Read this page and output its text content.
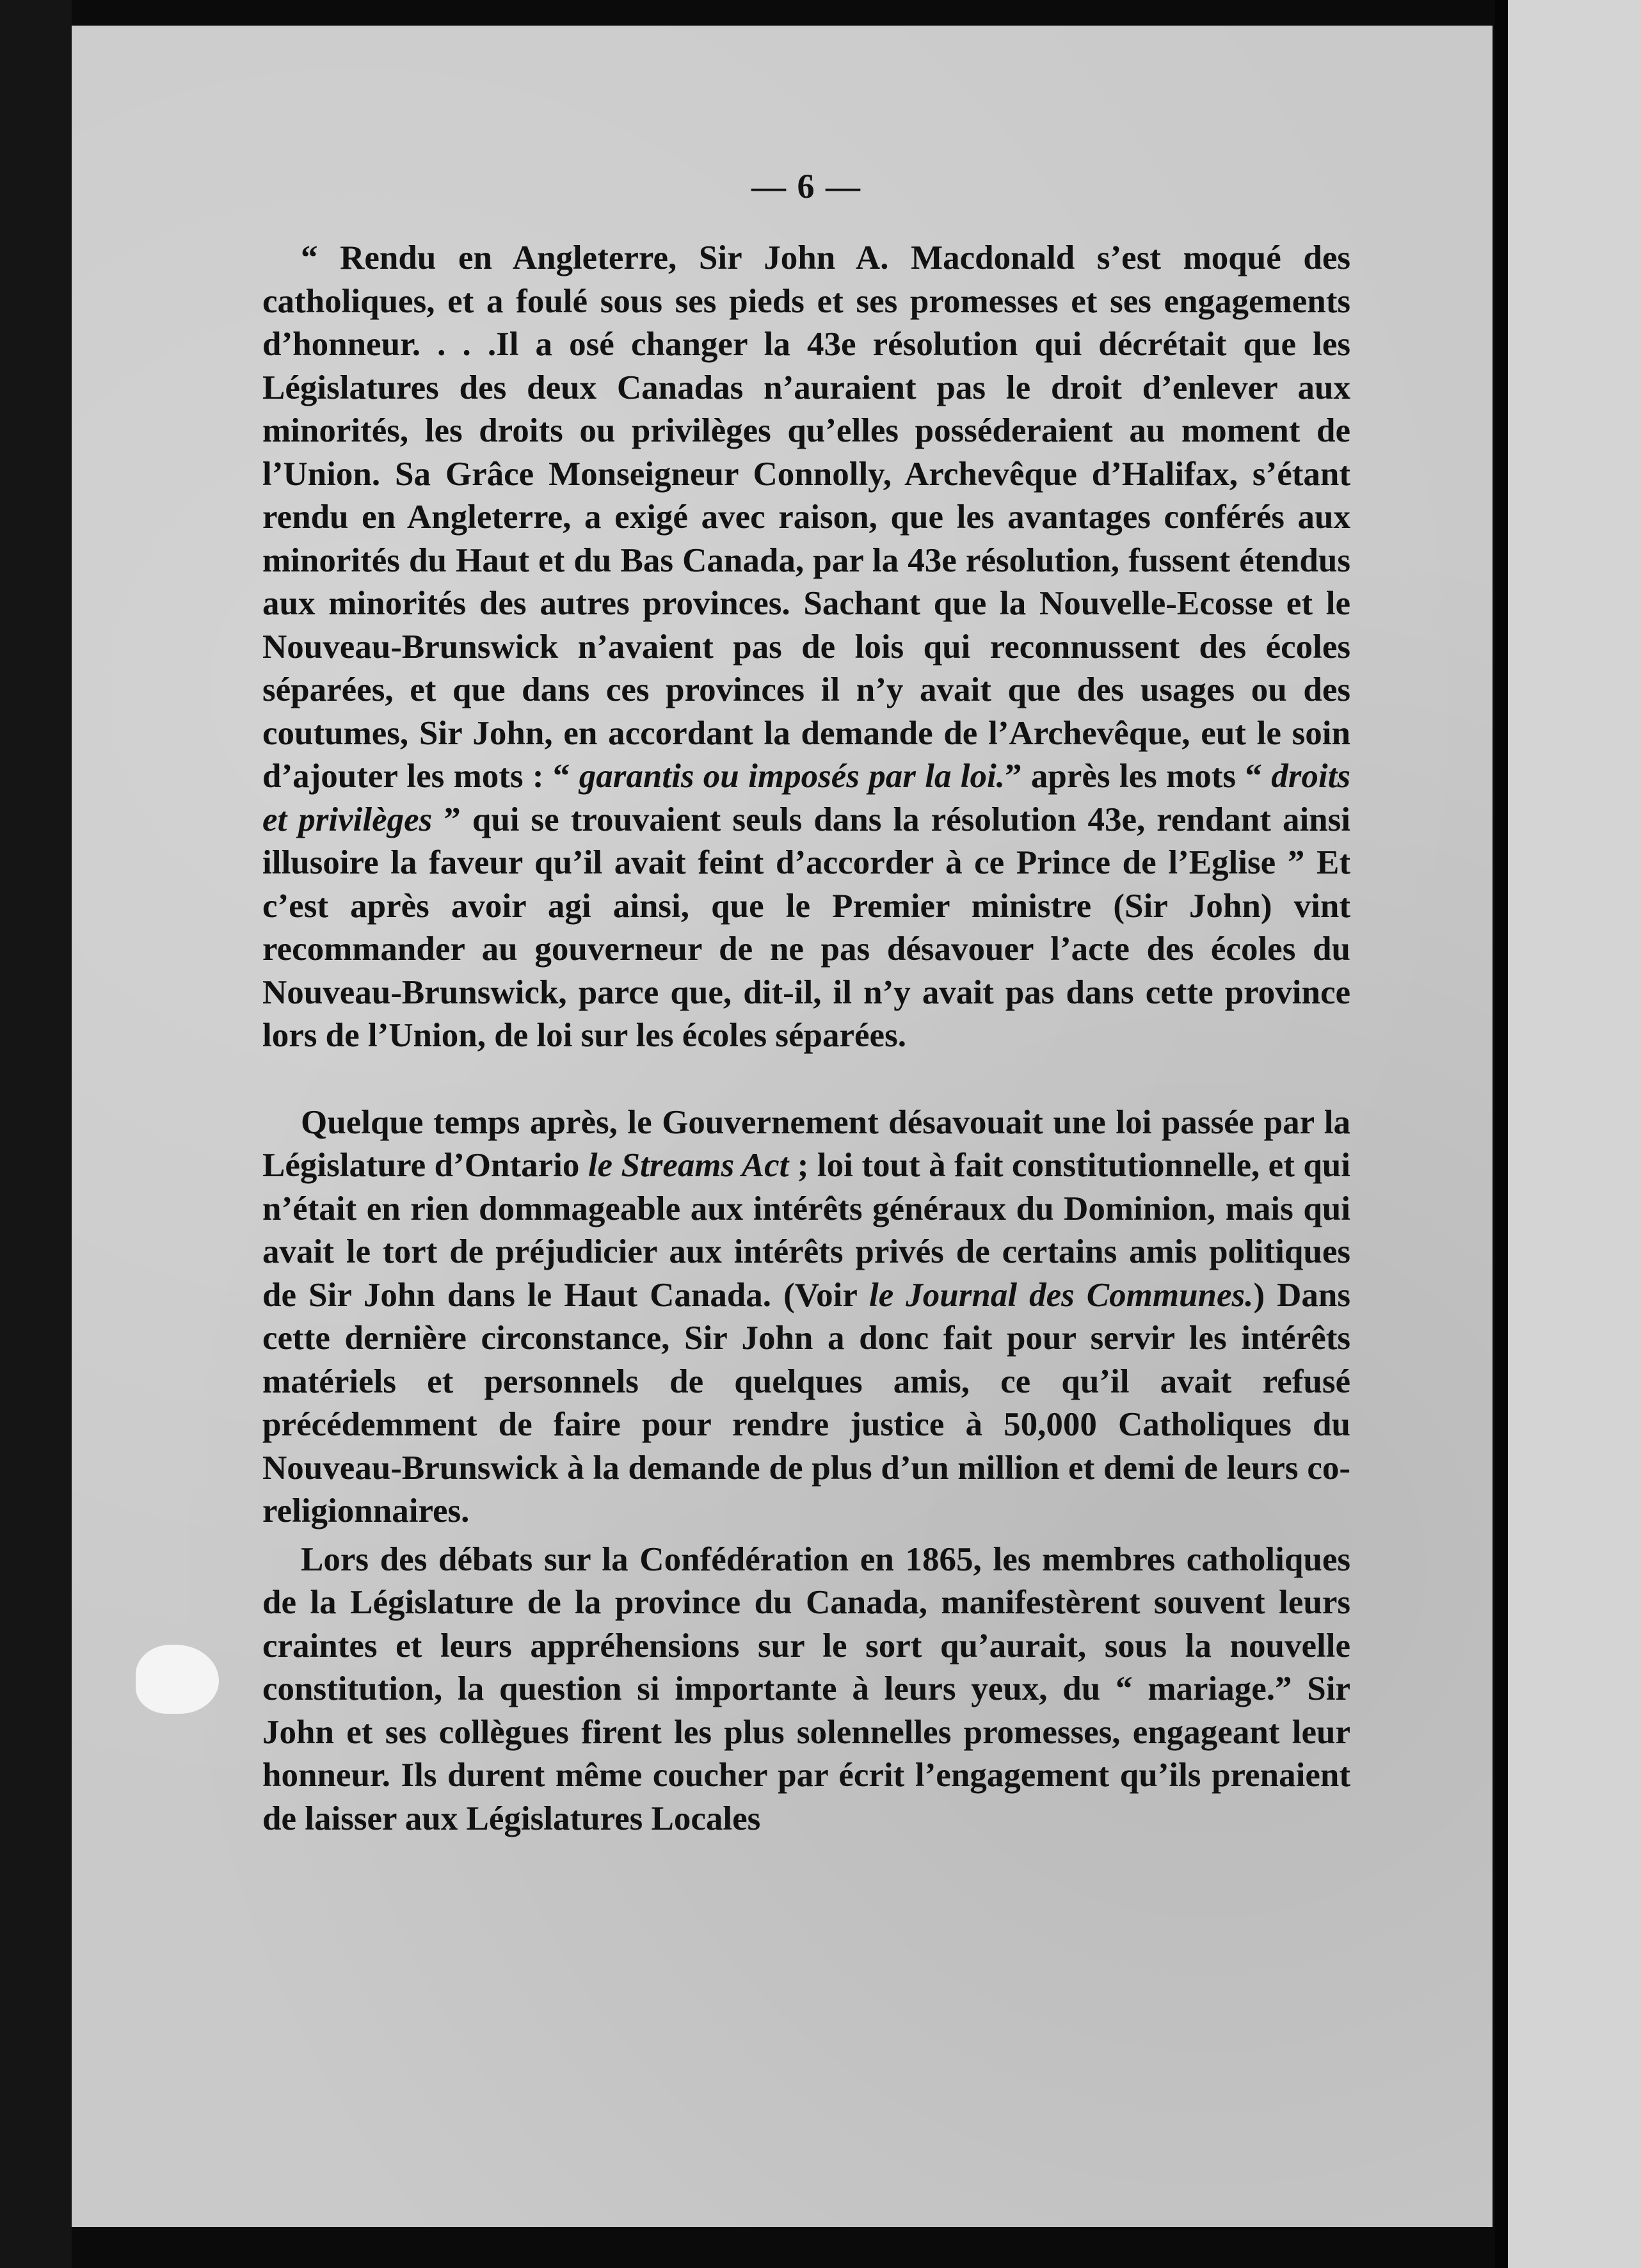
— 6 —

“ Rendu en Angleterre, Sir John A. Macdonald s’est moqué des catholiques, et a foulé sous ses pieds et ses promesses et ses engagements d’honneur. . . .Il a osé changer la 43e résolution qui décrétait que les Législatures des deux Canadas n’auraient pas le droit d’enlever aux minorités, les droits ou privilèges qu’elles posséderaient au moment de l’Union. Sa Grâce Monseigneur Connolly, Archevêque d’Halifax, s’étant rendu en Angleterre, a exigé avec raison, que les avantages conférés aux minorités du Haut et du Bas Canada, par la 43e résolution, fussent étendus aux minorités des autres provinces. Sachant que la Nouvelle-Ecosse et le Nouveau-Brunswick n’avaient pas de lois qui reconnussent des écoles séparées, et que dans ces provinces il n’y avait que des usages ou des coutumes, Sir John, en accordant la demande de l’Archevêque, eut le soin d’ajouter les mots : “ garantis ou imposés par la loi.” après les mots “ droits et privilèges ” qui se trouvaient seuls dans la résolution 43e, rendant ainsi illusoire la faveur qu’il avait feint d’accorder à ce Prince de l’Eglise ” Et c’est après avoir agi ainsi, que le Premier ministre (Sir John) vint recommander au gouverneur de ne pas désavouer l’acte des écoles du Nouveau-Brunswick, parce que, dit-il, il n’y avait pas dans cette province lors de l’Union, de loi sur les écoles séparées.

Quelque temps après, le Gouvernement désavouait une loi passée par la Législature d’Ontario le Streams Act ; loi tout à fait constitutionnelle, et qui n’était en rien dommageable aux intérêts généraux du Dominion, mais qui avait le tort de préjudicier aux intérêts privés de certains amis politiques de Sir John dans le Haut Canada. (Voir le Journal des Communes.) Dans cette dernière circonstance, Sir John a donc fait pour servir les intérêts matériels et personnels de quelques amis, ce qu’il avait refusé précédemment de faire pour rendre justice à 50,000 Catholiques du Nouveau-Brunswick à la demande de plus d’un million et demi de leurs co-religionnaires.

Lors des débats sur la Confédération en 1865, les membres catholiques de la Législature de la province du Canada, manifestèrent souvent leurs craintes et leurs appréhensions sur le sort qu’aurait, sous la nouvelle constitution, la question si importante à leurs yeux, du “ mariage.” Sir John et ses collègues firent les plus solennelles promesses, engageant leur honneur. Ils durent même coucher par écrit l’engagement qu’ils prenaient de laisser aux Législatures Locales
